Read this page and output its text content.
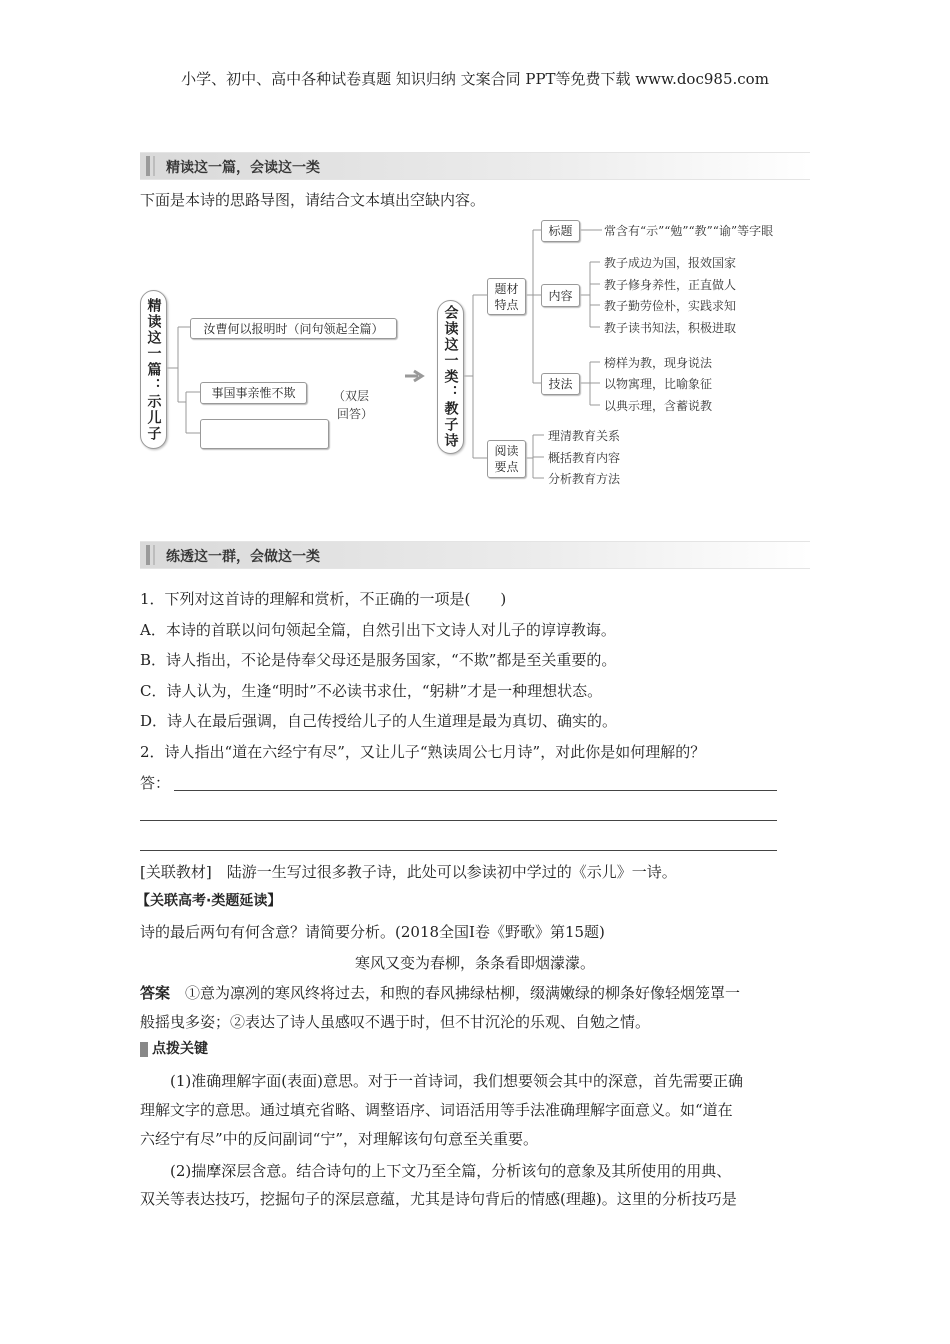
小学、初中、高中各种试卷真题 知识归纳 文案合同 PPT等免费下载 www.doc985.com
精读这一篇，会读这一类
下面是本诗的思路导图，请结合文本填出空缺内容。
精读这一篇：示儿子	汝曹何以报明时（问句领起全篇）
事国事亲惟不欺	（双层
回答）	会读这一类：教子诗
题材特点
阅读要点
标题
内容
技法
常含有“示”“勉”“教”“谕”等字眼
教子成边为国，报效国家
教子修身养性，正直做人
教子勤劳俭朴，实践求知
教子读书知法，积极进取
榜样为教，现身说法
以物寓理，比喻象征
以典示理，含蓄说教
理清教育关系
概括教育内容
分析教育方法
练透这一群，会做这一类
1．下列对这首诗的理解和赏析，不正确的一项是(　　)
A．本诗的首联以问句领起全篇，自然引出下文诗人对儿子的谆谆教诲。
B．诗人指出，不论是侍奉父母还是服务国家，“不欺”都是至关重要的。
C．诗人认为，生逢“明时”不必读书求仕，“躬耕”才是一种理想状态。
D．诗人在最后强调，自己传授给儿子的人生道理是最为真切、确实的。
2．诗人指出“道在六经宁有尽”，又让儿子“熟读周公七月诗”，对此你是如何理解的？
答：
[关联教材]　陆游一生写过很多教子诗，此处可以参读初中学过的《示儿》一诗。
【关联高考·类题延读】
诗的最后两句有何含意？请简要分析。(2018全国Ⅰ卷《野歌》第15题)
寒风又变为春柳，条条看即烟濛濛。
答案　①意为凛冽的寒风终将过去，和煦的春风拂绿枯柳，缀满嫩绿的柳条好像轻烟笼罩一
般摇曳多姿；②表达了诗人虽感叹不遇于时，但不甘沉沦的乐观、自勉之情。
点拨关键
　　(1)准确理解字面(表面)意思。对于一首诗词，我们想要领会其中的深意，首先需要正确
理解文字的意思。通过填充省略、调整语序、词语活用等手法准确理解字面意义。如“道在
六经宁有尽”中的反问副词“宁”，对理解该句句意至关重要。
　　(2)揣摩深层含意。结合诗句的上下文乃至全篇，分析该句的意象及其所使用的用典、
双关等表达技巧，挖掘句子的深层意蕴，尤其是诗句背后的情感(理趣)。这里的分析技巧是
